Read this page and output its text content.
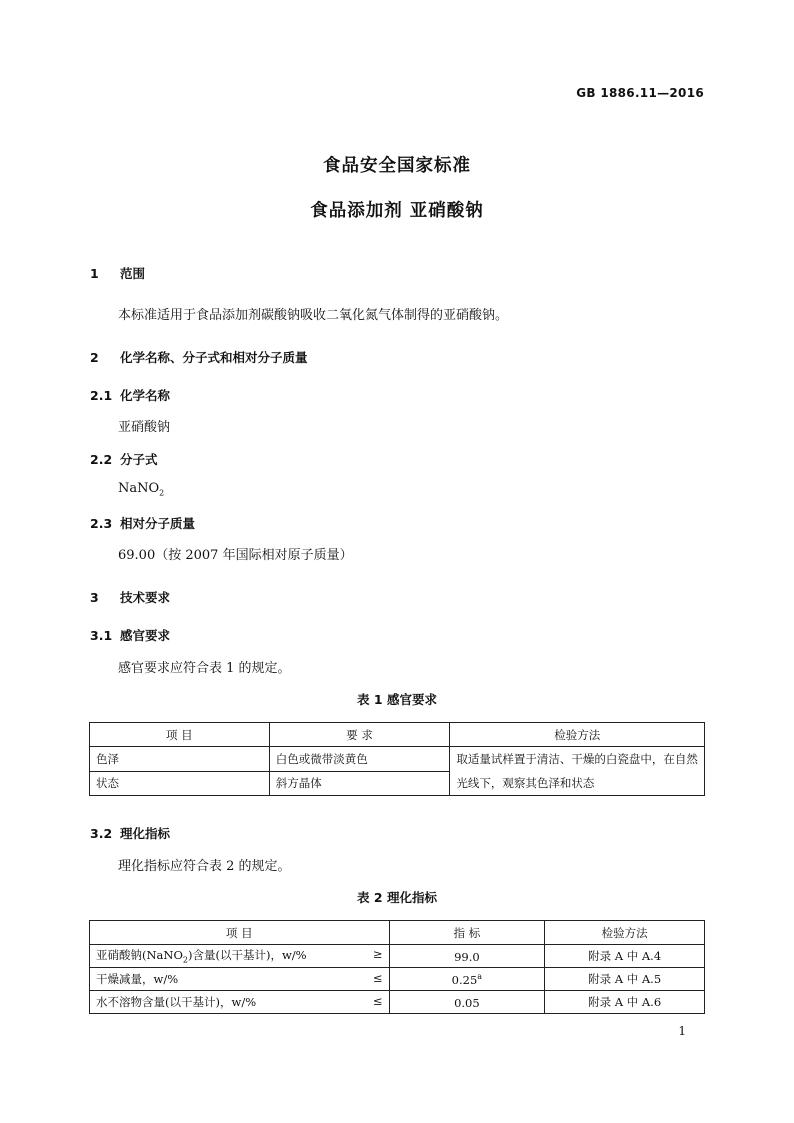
GB 1886.11—2016
食品安全国家标准
食品添加剂 亚硝酸钠
1 范围
本标准适用于食品添加剂碳酸钠吸收二氧化氮气体制得的亚硝酸钠。
2 化学名称、分子式和相对分子质量
2.1 化学名称
亚硝酸钠
2.2 分子式
NaNO$_2$
2.3 相对分子质量
69.00（按 2007 年国际相对原子质量）
3 技术要求
3.1 感官要求
感官要求应符合表 1 的规定。
表 1 感官要求
项 目	要 求	检验方法
色泽	白色或微带淡黄色	取适量试样置于清洁、干燥的白瓷盘中，在自然光线下，观察其色泽和状态
状态	斜方晶体	
3.2 理化指标
理化指标应符合表 2 的规定。
表 2 理化指标
项 目	指 标	检验方法
亚硝酸钠(NaNO$_2$)含量(以干基计)，w/% ≥	99.0	附录 A 中 A.4
干燥减量，w/% ≤	0.25$^a$	附录 A 中 A.5
水不溶物含量(以干基计)，w/% ≤	0.05	附录 A 中 A.6
1
